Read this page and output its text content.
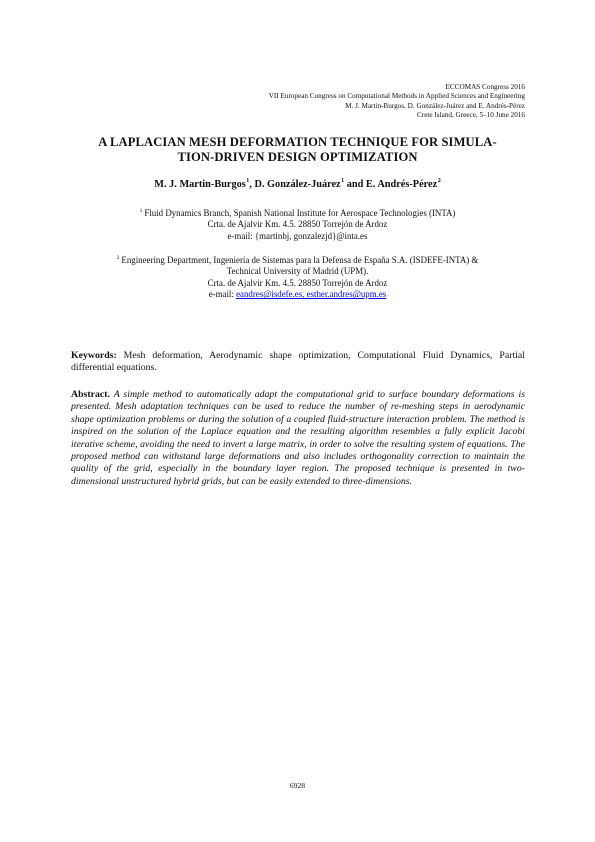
ECCOMAS Congress 2016
VII European Congress on Computational Methods in Applied Sciences and Engineering
M. J. Martin-Burgos, D. González-Juárez and E. Andrés-Pérez
Crete Island, Greece, 5–10 June 2016
A LAPLACIAN MESH DEFORMATION TECHNIQUE FOR SIMULA-
TION-DRIVEN DESIGN OPTIMIZATION
M. J. Martin-Burgos$^1$, D. González-Juárez$^1$ and E. Andrés-Pérez$^2$
$^1$ Fluid Dynamics Branch, Spanish National Institute for Aerospace Technologies (INTA)
Crta. de Ajalvir Km. 4.5. 28850 Torrejón de Ardoz
e-mail: {martinbj, gonzalezjd}@inta.es
$^2$ Engineering Department, Ingeniería de Sistemas para la Defensa de España S.A. (ISDEFE-INTA) &
Technical University of Madrid (UPM).
Crta. de Ajalvir Km. 4.5. 28850 Torrejón de Ardoz
e-mail: eandres@isdefe.es, esther.andres@upm.es
Keywords: Mesh deformation, Aerodynamic shape optimization, Computational Fluid Dynamics, Partial differential equations.
Abstract. A simple method to automatically adapt the computational grid to surface boundary deformations is presented. Mesh adaptation techniques can be used to reduce the number of re-meshing steps in aerodynamic shape optimization problems or during the solution of a coupled fluid-structure interaction problem. The method is inspired on the solution of the Laplace equation and the resulting algorithm resembles a fully explicit Jacobi iterative scheme, avoiding the need to invert a large matrix, in order to solve the resulting system of equations. The proposed method can withstand large deformations and also includes orthogonality correction to maintain the quality of the grid, especially in the boundary layer region. The proposed technique is presented in two-dimensional unstructured hybrid grids, but can be easily extended to three-dimensions.
6928
